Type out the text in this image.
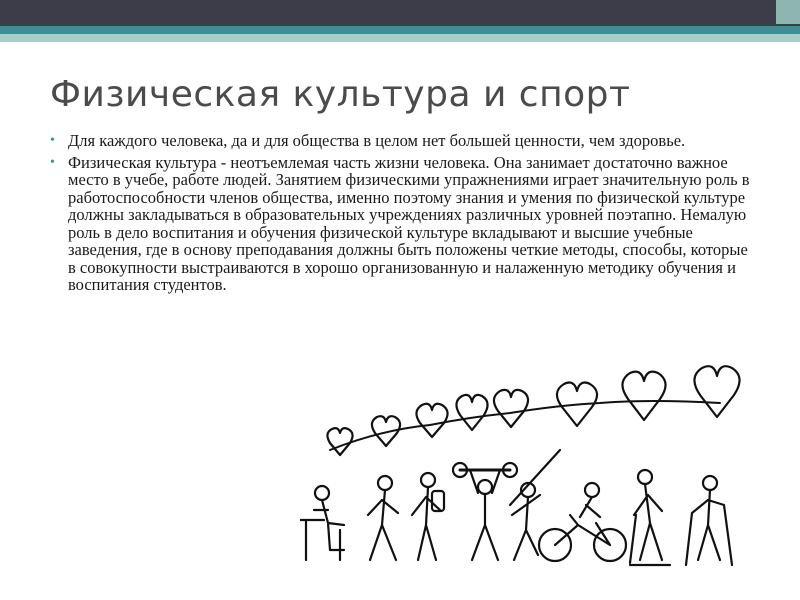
Физическая культура и спорт
• Для каждого человека, да и для общества в целом нет большей ценности, чем здоровье.
• Физическая культура - неотъемлемая часть жизни человека. Она занимает достаточно важное место в учебе, работе людей. Занятием физическими упражнениями играет значительную роль в работоспособности членов общества, именно поэтому знания и умения по физической культуре должны закладываться в образовательных учреждениях различных уровней поэтапно. Немалую роль в дело воспитания и обучения физической культуре вкладывают и высшие учебные заведения, где в основу преподавания должны быть положены четкие методы, способы, которые в совокупности выстраиваются в хорошо организованную и налаженную методику обучения и воспитания студентов.
